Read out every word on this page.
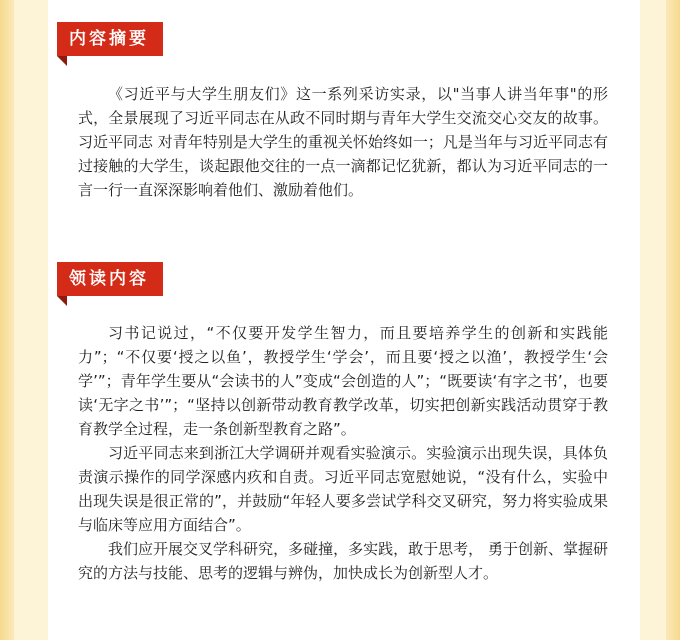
内容摘要

《习近平与大学生朋友们》这一系列采访实录，以"当事人讲当年事"的形式，全景展现了习近平同志在从政不同时期与青年大学生交流交心交友的故事。习近平同志 对青年特别是大学生的重视关怀始终如一；凡是当年与习近平同志有过接触的大学生，谈起跟他交往的一点一滴都记忆犹新，都认为习近平同志的一言一行一直深深影响着他们、激励着他们。

领读内容

习书记说过，“不仅要开发学生智力，而且要培养学生的创新和实践能力”；“不仅要‘授之以鱼’，教授学生‘学会’，而且要‘授之以渔’，教授学生‘会学’”；青年学生要从“会读书的人”变成“会创造的人”；“既要读‘有字之书’，也要读‘无字之书’”；“坚持以创新带动教育教学改革，切实把创新实践活动贯穿于教育教学全过程，走一条创新型教育之路”。

习近平同志来到浙江大学调研并观看实验演示。实验演示出现失误，具体负责演示操作的同学深感内疚和自责。习近平同志宽慰她说，“没有什么，实验中出现失误是很正常的”，并鼓励“年轻人要多尝试学科交叉研究，努力将实验成果与临床等应用方面结合”。

我们应开展交叉学科研究，多碰撞，多实践，敢于思考， 勇于创新、掌握研究的方法与技能、思考的逻辑与辨伪，加快成长为创新型人才。
